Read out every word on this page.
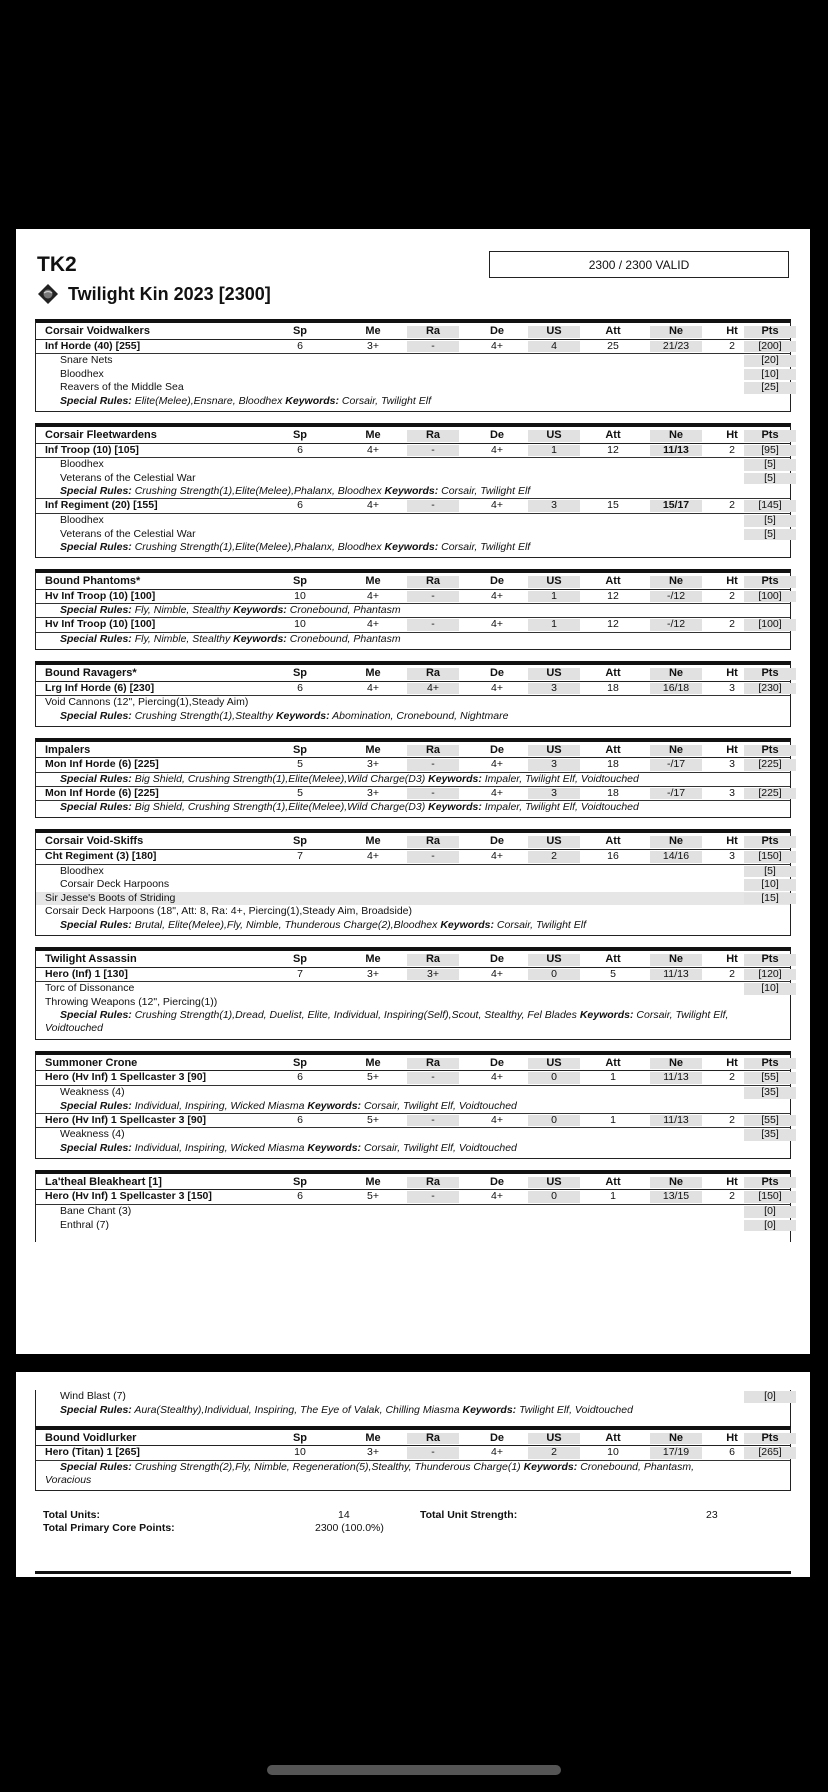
TK2	2300 / 2300 VALID
Twilight Kin 2023 [2300]
Corsair Voidwalkers	Sp	Me	Ra	De	US	Att	Ne	Ht	Pts
Inf Horde (40) [255]	6	3+	-	4+	4	25	21/23	2	[200]
Snare Nets	[20]
Bloodhex	[10]
Reavers of the Middle Sea	[25]
Special Rules: Elite(Melee),Ensnare, Bloodhex Keywords: Corsair, Twilight Elf
Corsair Fleetwardens	Sp	Me	Ra	De	US	Att	Ne	Ht	Pts
Inf Troop (10) [105]	6	4+	-	4+	1	12	11/13	2	[95]
Bloodhex	[5]
Veterans of the Celestial War	[5]
Special Rules: Crushing Strength(1),Elite(Melee),Phalanx, Bloodhex Keywords: Corsair, Twilight Elf
Inf Regiment (20) [155]	6	4+	-	4+	3	15	15/17	2	[145]
Bloodhex	[5]
Veterans of the Celestial War	[5]
Special Rules: Crushing Strength(1),Elite(Melee),Phalanx, Bloodhex Keywords: Corsair, Twilight Elf
Bound Phantoms*	Sp	Me	Ra	De	US	Att	Ne	Ht	Pts
Hv Inf Troop (10) [100]	10	4+	-	4+	1	12	-/12	2	[100]
Special Rules: Fly, Nimble, Stealthy Keywords: Cronebound, Phantasm
Hv Inf Troop (10) [100]	10	4+	-	4+	1	12	-/12	2	[100]
Special Rules: Fly, Nimble, Stealthy Keywords: Cronebound, Phantasm
Bound Ravagers*	Sp	Me	Ra	De	US	Att	Ne	Ht	Pts
Lrg Inf Horde (6) [230]	6	4+	4+	4+	3	18	16/18	3	[230]
Void Cannons (12", Piercing(1),Steady Aim)
Special Rules: Crushing Strength(1),Stealthy Keywords: Abomination, Cronebound, Nightmare
Impalers	Sp	Me	Ra	De	US	Att	Ne	Ht	Pts
Mon Inf Horde (6) [225]	5	3+	-	4+	3	18	-/17	3	[225]
Special Rules: Big Shield, Crushing Strength(1),Elite(Melee),Wild Charge(D3) Keywords: Impaler, Twilight Elf, Voidtouched
Mon Inf Horde (6) [225]	5	3+	-	4+	3	18	-/17	3	[225]
Special Rules: Big Shield, Crushing Strength(1),Elite(Melee),Wild Charge(D3) Keywords: Impaler, Twilight Elf, Voidtouched
Corsair Void-Skiffs	Sp	Me	Ra	De	US	Att	Ne	Ht	Pts
Cht Regiment (3) [180]	7	4+	-	4+	2	16	14/16	3	[150]
Bloodhex	[5]
Corsair Deck Harpoons	[10]
Sir Jesse's Boots of Striding	[15]
Corsair Deck Harpoons (18", Att: 8, Ra: 4+, Piercing(1),Steady Aim, Broadside)
Special Rules: Brutal, Elite(Melee),Fly, Nimble, Thunderous Charge(2),Bloodhex Keywords: Corsair, Twilight Elf
Twilight Assassin	Sp	Me	Ra	De	US	Att	Ne	Ht	Pts
Hero (Inf) 1 [130]	7	3+	3+	4+	0	5	11/13	2	[120]
Torc of Dissonance	[10]
Throwing Weapons (12", Piercing(1))
Special Rules: Crushing Strength(1),Dread, Duelist, Elite, Individual, Inspiring(Self),Scout, Stealthy, Fel Blades Keywords: Corsair, Twilight Elf,
Voidtouched
Summoner Crone	Sp	Me	Ra	De	US	Att	Ne	Ht	Pts
Hero (Hv Inf) 1 Spellcaster 3 [90]	6	5+	-	4+	0	1	11/13	2	[55]
Weakness (4)	[35]
Special Rules: Individual, Inspiring, Wicked Miasma Keywords: Corsair, Twilight Elf, Voidtouched
Hero (Hv Inf) 1 Spellcaster 3 [90]	6	5+	-	4+	0	1	11/13	2	[55]
Weakness (4)	[35]
Special Rules: Individual, Inspiring, Wicked Miasma Keywords: Corsair, Twilight Elf, Voidtouched
La'theal Bleakheart [1]	Sp	Me	Ra	De	US	Att	Ne	Ht	Pts
Hero (Hv Inf) 1 Spellcaster 3 [150]	6	5+	-	4+	0	1	13/15	2	[150]
Bane Chant (3)	[0]
Enthral (7)	[0]
Wind Blast (7)	[0]
Special Rules: Aura(Stealthy),Individual, Inspiring, The Eye of Valak, Chilling Miasma Keywords: Twilight Elf, Voidtouched
Bound Voidlurker	Sp	Me	Ra	De	US	Att	Ne	Ht	Pts
Hero (Titan) 1 [265]	10	3+	-	4+	2	10	17/19	6	[265]
Special Rules: Crushing Strength(2),Fly, Nimble, Regeneration(5),Stealthy, Thunderous Charge(1) Keywords: Cronebound, Phantasm,
Voracious
Total Units:	14	Total Unit Strength:	23
Total Primary Core Points:	2300 (100.0%)
